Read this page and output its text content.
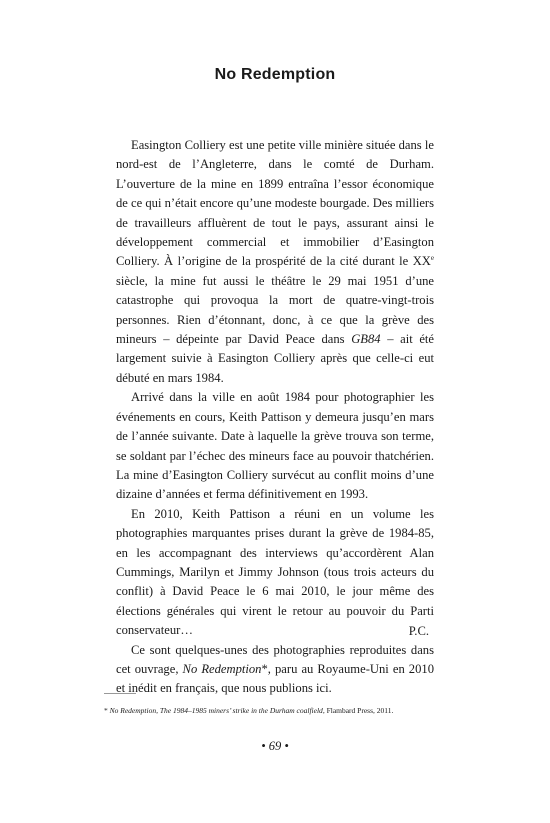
No Redemption

Easington Colliery est une petite ville minière située dans le nord-est de l’Angleterre, dans le comté de Durham. L’ouverture de la mine en 1899 entraîna l’essor économique de ce qui n’était encore qu’une modeste bourgade. Des milliers de travailleurs affluèrent de tout le pays, assurant ainsi le développement commercial et immobilier d’Easington Colliery. À l’origine de la prospérité de la cité durant le XXe siècle, la mine fut aussi le théâtre le 29 mai 1951 d’une catastrophe qui provoqua la mort de quatre-vingt-trois personnes. Rien d’étonnant, donc, à ce que la grève des mineurs – dépeinte par David Peace dans GB84 – ait été largement suivie à Easington Colliery après que celle-ci eut débuté en mars 1984.

Arrivé dans la ville en août 1984 pour photographier les événements en cours, Keith Pattison y demeura jusqu’en mars de l’année suivante. Date à laquelle la grève trouva son terme, se soldant par l’échec des mineurs face au pouvoir thatchérien. La mine d’Easington Colliery survécut au conflit moins d’une dizaine d’années et ferma définitivement en 1993.

En 2010, Keith Pattison a réuni en un volume les photographies marquantes prises durant la grève de 1984-85, en les accompagnant des interviews qu’accordèrent Alan Cummings, Marilyn et Jimmy Johnson (tous trois acteurs du conflit) à David Peace le 6 mai 2010, le jour même des élections générales qui virent le retour au pouvoir du Parti conservateur…

Ce sont quelques-unes des photographies reproduites dans cet ouvrage, No Redemption*, paru au Royaume-Uni en 2010 et inédit en français, que nous publions ici.

P.C.
* No Redemption, The 1984–1985 miners’ strike in the Durham coalfield, Flambard Press, 2011.
• 69 •
